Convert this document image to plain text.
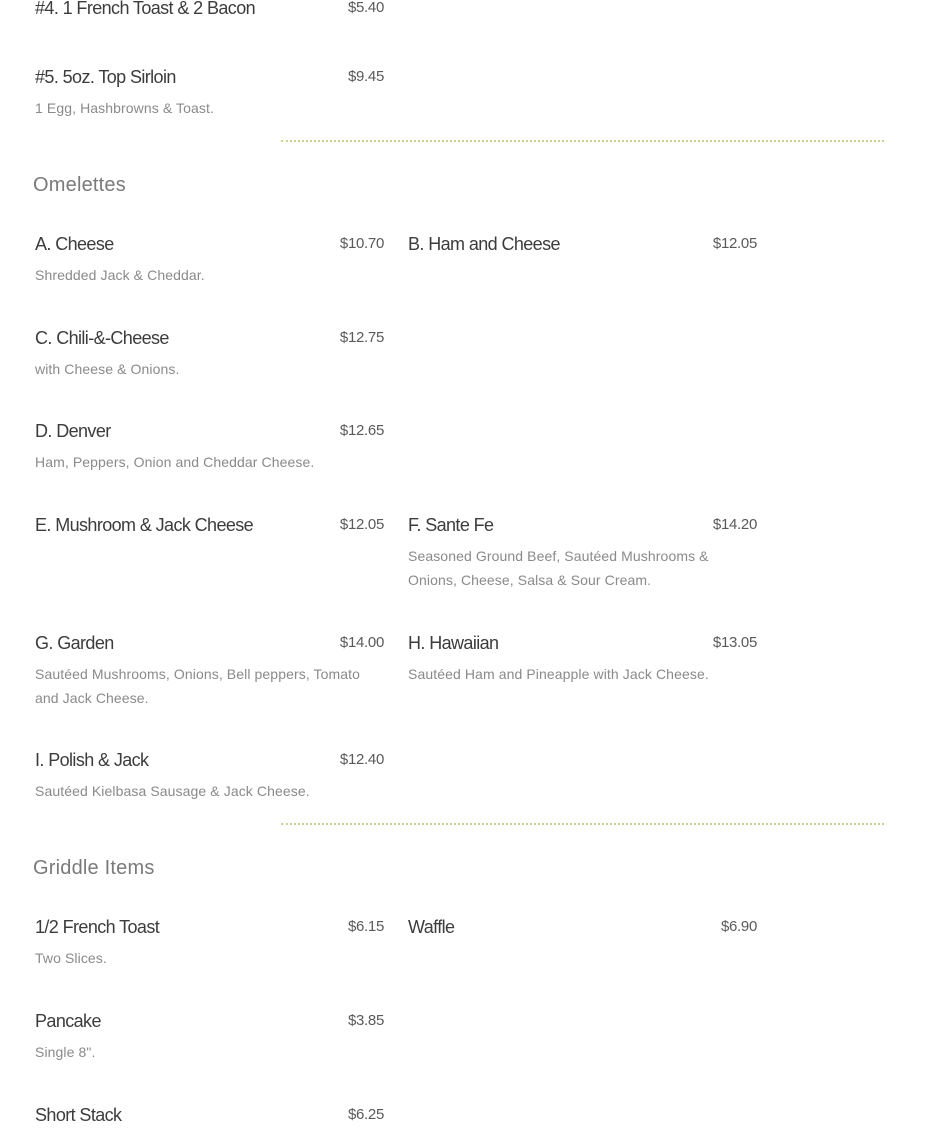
#4. 1 French Toast & 2 Bacon	$5.40
#5. 5oz. Top Sirloin	$9.45
1 Egg, Hashbrowns & Toast.
Omelettes
A. Cheese	$10.70
Shredded Jack & Cheddar.
B. Ham and Cheese	$12.05
C. Chili-&-Cheese	$12.75
with Cheese & Onions.
D. Denver	$12.65
Ham, Peppers, Onion and Cheddar Cheese.
E. Mushroom & Jack Cheese	$12.05 F. Sante Fe	$14.20
Seasoned Ground Beef, Sautéed Mushrooms & Onions, Cheese, Salsa & Sour Cream.
G. Garden	$14.00
Sautéed Mushrooms, Onions, Bell peppers, Tomato and Jack Cheese.
H. Hawaiian	$13.05
Sautéed Ham and Pineapple with Jack Cheese.
I. Polish & Jack	$12.40
Sautéed Kielbasa Sausage & Jack Cheese.
Griddle Items
1/2 French Toast	$6.15
Two Slices.
Waffle	$6.90
Pancake	$3.85
Single 8".
Short Stack	$6.25
